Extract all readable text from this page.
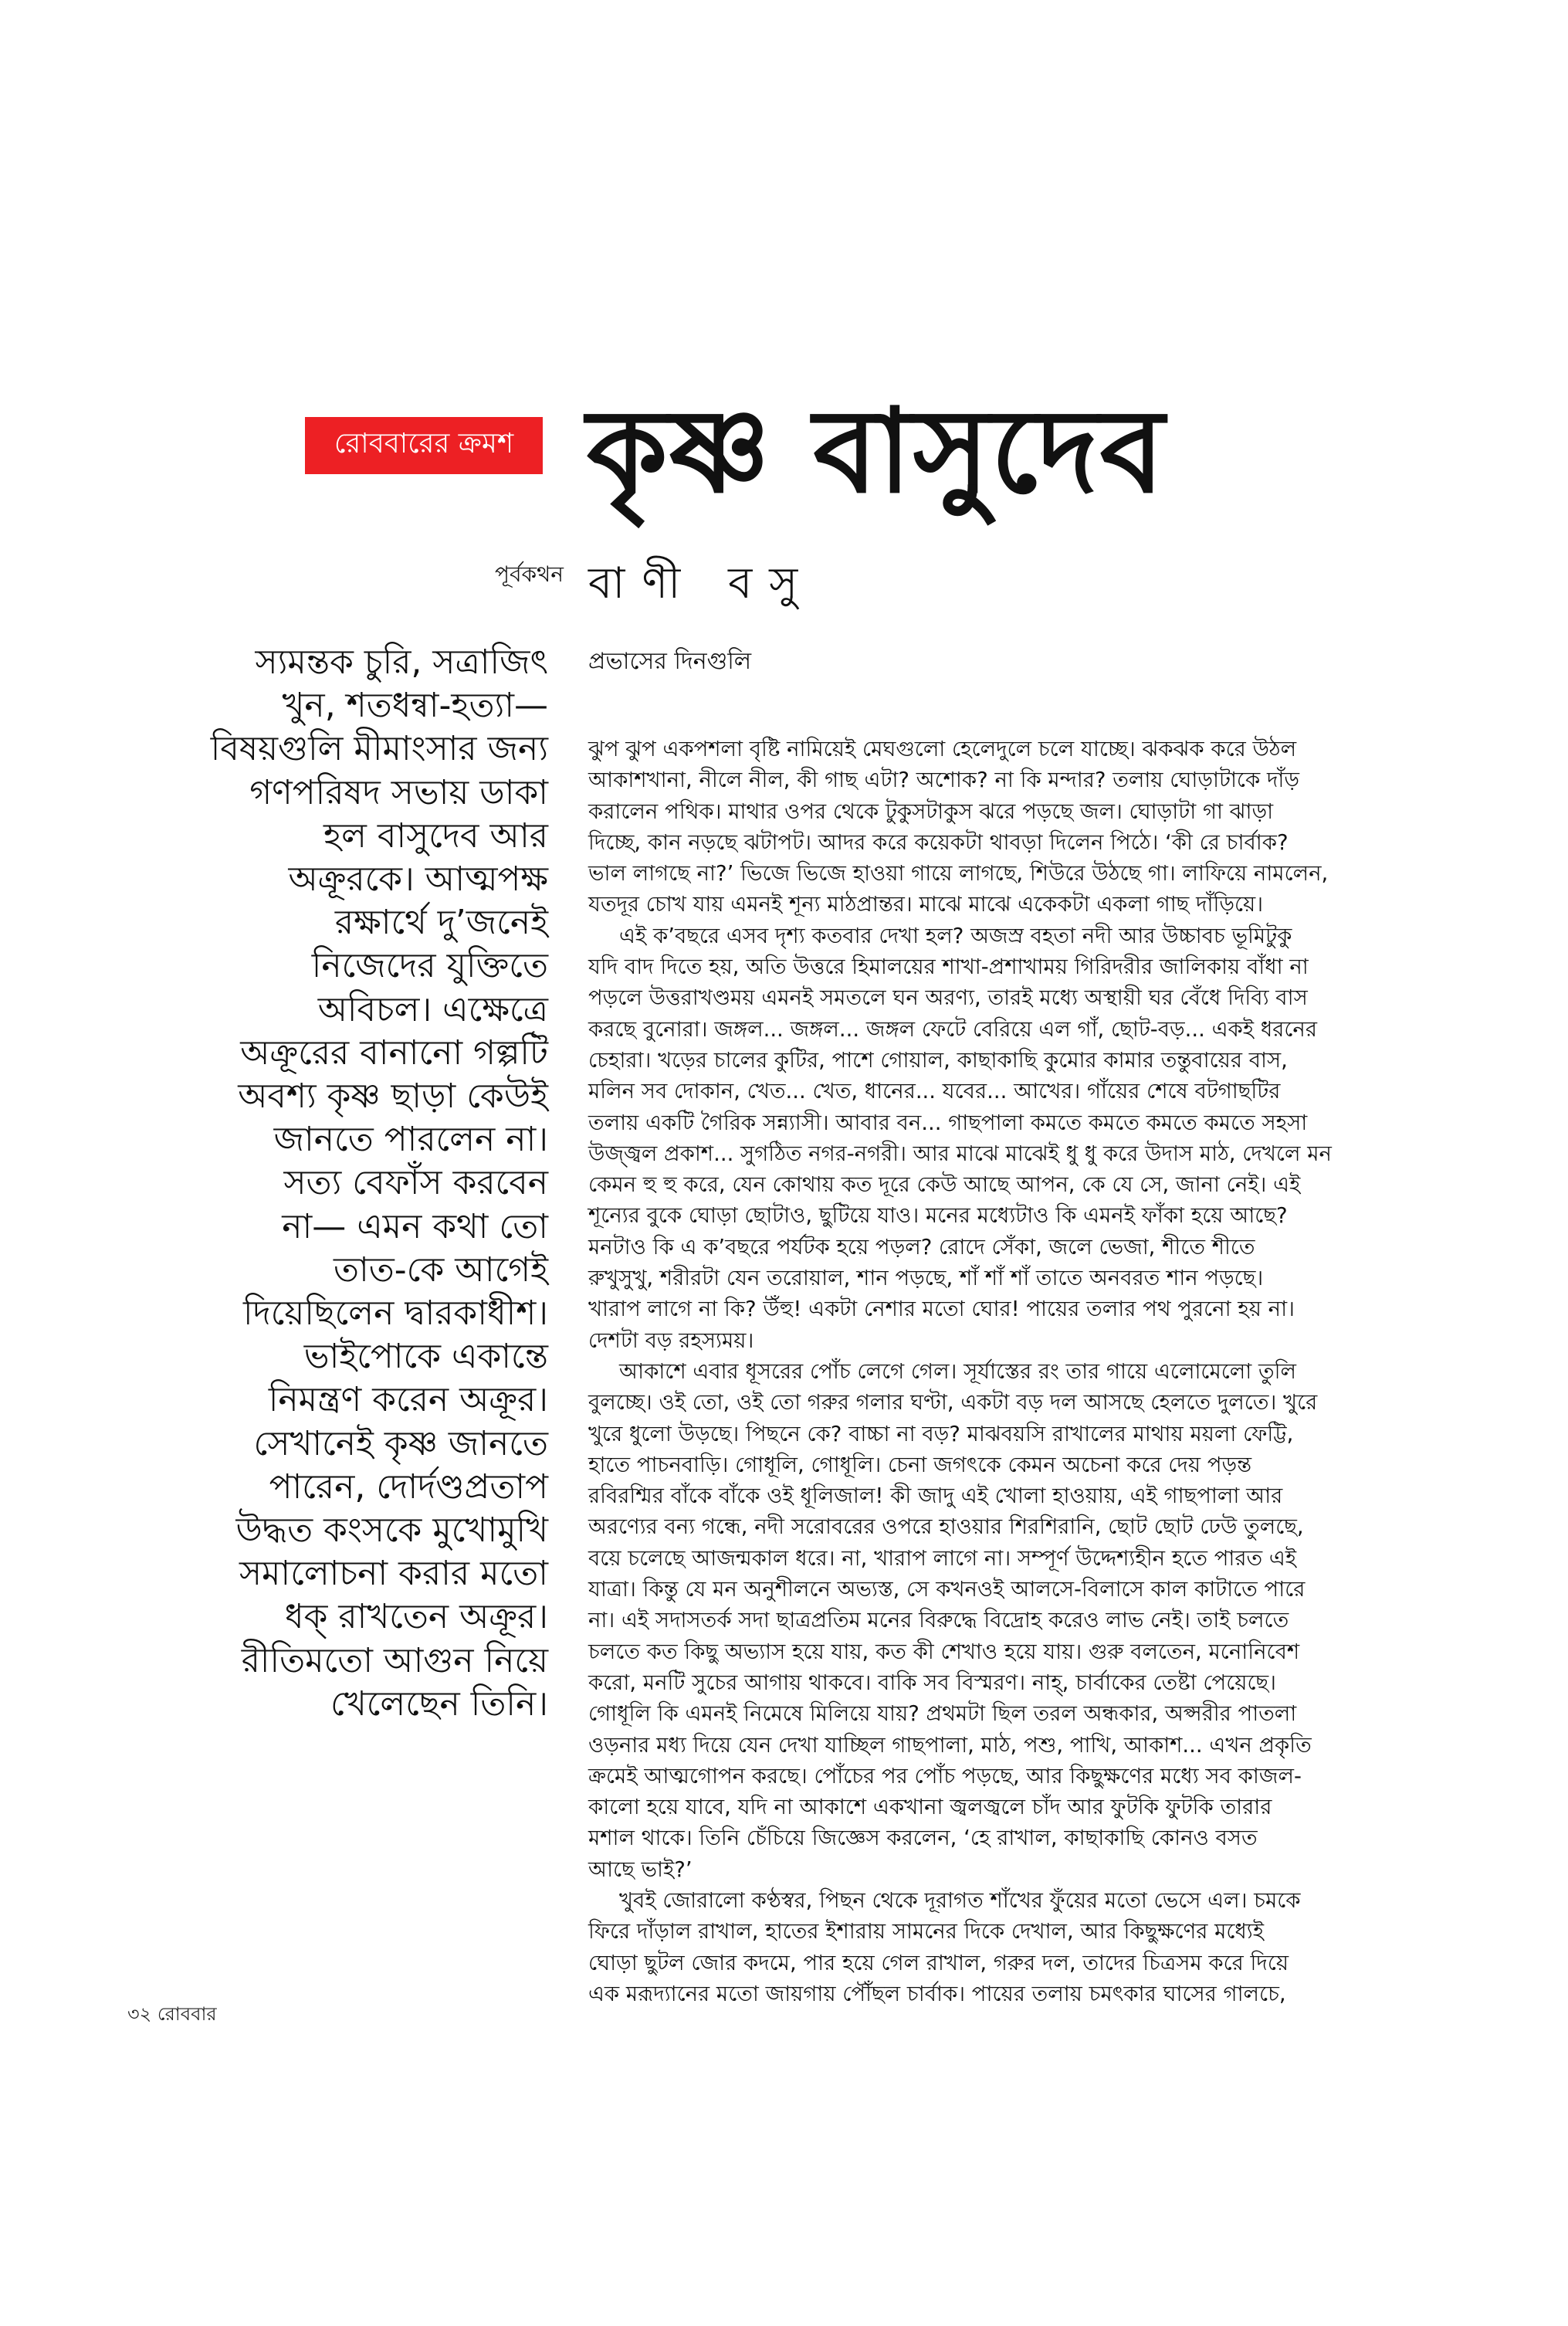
রোববারের ক্রমশ কৃষ্ণ বাসুদেব
পূর্বকথন বাণী বসু
প্রভাসের দিনগুলি
স্যমন্তক চুরি, সত্রাজিৎ
খুন, শতধন্বা-হত্যা—
বিষয়গুলি মীমাংসার জন্য
গণপরিষদ সভায় ডাকা
হল বাসুদেব আর
অক্রূরকে। আত্মপক্ষ
রক্ষার্থে দু’জনেই
নিজেদের যুক্তিতে
অবিচল। এক্ষেত্রে
অক্রূরের বানানো গল্পটি
অবশ্য কৃষ্ণ ছাড়া কেউই
জানতে পারলেন না।
সত্য বেফাঁস করবেন
না— এমন কথা তো
তাত-কে আগেই
দিয়েছিলেন দ্বারকাধীশ।
ভাইপোকে একান্তে
নিমন্ত্রণ করেন অক্রূর।
সেখানেই কৃষ্ণ জানতে
পারেন, দোর্দণ্ডপ্রতাপ
উদ্ধত কংসকে মুখোমুখি
সমালোচনা করার মতো
ধক্ রাখতেন অক্রূর।
রীতিমতো আগুন নিয়ে
খেলেছেন তিনি।

ঝুপ ঝুপ একপশলা বৃষ্টি নামিয়েই মেঘগুলো হেলেদুলে চলে যাচ্ছে। ঝকঝক করে উঠল
আকাশখানা, নীলে নীল, কী গাছ এটা? অশোক? না কি মন্দার? তলায় ঘোড়াটাকে দাঁড়
করালেন পথিক। মাথার ওপর থেকে টুকুসটাকুস ঝরে পড়ছে জল। ঘোড়াটা গা ঝাড়া
দিচ্ছে, কান নড়ছে ঝটাপট। আদর করে কয়েকটা থাবড়া দিলেন পিঠে। ‘কী রে চার্বাক?
ভাল লাগছে না?’ ভিজে ভিজে হাওয়া গায়ে লাগছে, শিউরে উঠছে গা। লাফিয়ে নামলেন,
যতদূর চোখ যায় এমনই শূন্য মাঠপ্রান্তর। মাঝে মাঝে একেকটা একলা গাছ দাঁড়িয়ে।

এই ক’বছরে এসব দৃশ্য কতবার দেখা হল? অজস্র বহতা নদী আর উচ্চাবচ ভূমিটুকু
যদি বাদ দিতে হয়, অতি উত্তরে হিমালয়ের শাখা-প্রশাখাময় গিরিদরীর জালিকায় বাঁধা না
পড়লে উত্তরাখণ্ডময় এমনই সমতলে ঘন অরণ্য, তারই মধ্যে অস্থায়ী ঘর বেঁধে দিব্যি বাস
করছে বুনোরা। জঙ্গল... জঙ্গল... জঙ্গল ফেটে বেরিয়ে এল গাঁ, ছোট-বড়... একই ধরনের
চেহারা। খড়ের চালের কুটির, পাশে গোয়াল, কাছাকাছি কুমোর কামার তন্তুবায়ের বাস,
মলিন সব দোকান, খেত... খেত, ধানের... যবের... আখের। গাঁয়ের শেষে বটগাছটির
তলায় একটি গৈরিক সন্ন্যাসী। আবার বন... গাছপালা কমতে কমতে কমতে কমতে সহসা
উজ্জ্বল প্রকাশ... সুগঠিত নগর-নগরী। আর মাঝে মাঝেই ধু ধু করে উদাস মাঠ, দেখলে মন
কেমন হু হু করে, যেন কোথায় কত দূরে কেউ আছে আপন, কে যে সে, জানা নেই। এই
শূন্যের বুকে ঘোড়া ছোটাও, ছুটিয়ে যাও। মনের মধ্যেটাও কি এমনই ফাঁকা হয়ে আছে?
মনটাও কি এ ক’বছরে পর্যটক হয়ে পড়ল? রোদে সেঁকা, জলে ভেজা, শীতে শীতে
রুখুসুখু, শরীরটা যেন তরোয়াল, শান পড়ছে, শাঁ শাঁ শাঁ তাতে অনবরত শান পড়ছে।
খারাপ লাগে না কি? উঁহু! একটা নেশার মতো ঘোর! পায়ের তলার পথ পুরনো হয় না।
দেশটা বড় রহস্যময়।

আকাশে এবার ধূসরের পোঁচ লেগে গেল। সূর্যাস্তের রং তার গায়ে এলোমেলো তুলি
বুলচ্ছে। ওই তো, ওই তো গরুর গলার ঘণ্টা, একটা বড় দল আসছে হেলতে দুলতে। খুরে
খুরে ধুলো উড়ছে। পিছনে কে? বাচ্চা না বড়? মাঝবয়সি রাখালের মাথায় ময়লা ফেট্টি,
হাতে পাচনবাড়ি। গোধূলি, গোধূলি। চেনা জগৎকে কেমন অচেনা করে দেয় পড়ন্ত
রবিরশ্মির বাঁকে বাঁকে ওই ধূলিজাল! কী জাদু এই খোলা হাওয়ায়, এই গাছপালা আর
অরণ্যের বন্য গন্ধে, নদী সরোবরের ওপরে হাওয়ার শিরশিরানি, ছোট ছোট ঢেউ তুলছে,
বয়ে চলেছে আজন্মকাল ধরে। না, খারাপ লাগে না। সম্পূর্ণ উদ্দেশ্যহীন হতে পারত এই
যাত্রা। কিন্তু যে মন অনুশীলনে অভ্যস্ত, সে কখনওই আলসে-বিলাসে কাল কাটাতে পারে
না। এই সদাসতর্ক সদা ছাত্রপ্রতিম মনের বিরুদ্ধে বিদ্রোহ করেও লাভ নেই। তাই চলতে
চলতে কত কিছু অভ্যাস হয়ে যায়, কত কী শেখাও হয়ে যায়। গুরু বলতেন, মনোনিবেশ
করো, মনটি সুচের আগায় থাকবে। বাকি সব বিস্মরণ। নাহ্, চার্বাকের তেষ্টা পেয়েছে।
গোধূলি কি এমনই নিমেষে মিলিয়ে যায়? প্রথমটা ছিল তরল অন্ধকার, অপ্সরীর পাতলা
ওড়নার মধ্য দিয়ে যেন দেখা যাচ্ছিল গাছপালা, মাঠ, পশু, পাখি, আকাশ... এখন প্রকৃতি
ক্রমেই আত্মগোপন করছে। পোঁচের পর পোঁচ পড়ছে, আর কিছুক্ষণের মধ্যে সব কাজল-
কালো হয়ে যাবে, যদি না আকাশে একখানা জ্বলজ্বলে চাঁদ আর ফুটকি ফুটকি তারার
মশাল থাকে। তিনি চেঁচিয়ে জিজ্ঞেস করলেন, ‘হে রাখাল, কাছাকাছি কোনও বসত
আছে ভাই?’

খুবই জোরালো কণ্ঠস্বর, পিছন থেকে দূরাগত শাঁখের ফুঁয়ের মতো ভেসে এল। চমকে
ফিরে দাঁড়াল রাখাল, হাতের ইশারায় সামনের দিকে দেখাল, আর কিছুক্ষণের মধ্যেই
ঘোড়া ছুটল জোর কদমে, পার হয়ে গেল রাখাল, গরুর দল, তাদের চিত্রসম করে দিয়ে
এক মরূদ্যানের মতো জায়গায় পৌঁছল চার্বাক। পায়ের তলায় চমৎকার ঘাসের গালচে,

৩২ রোববার
